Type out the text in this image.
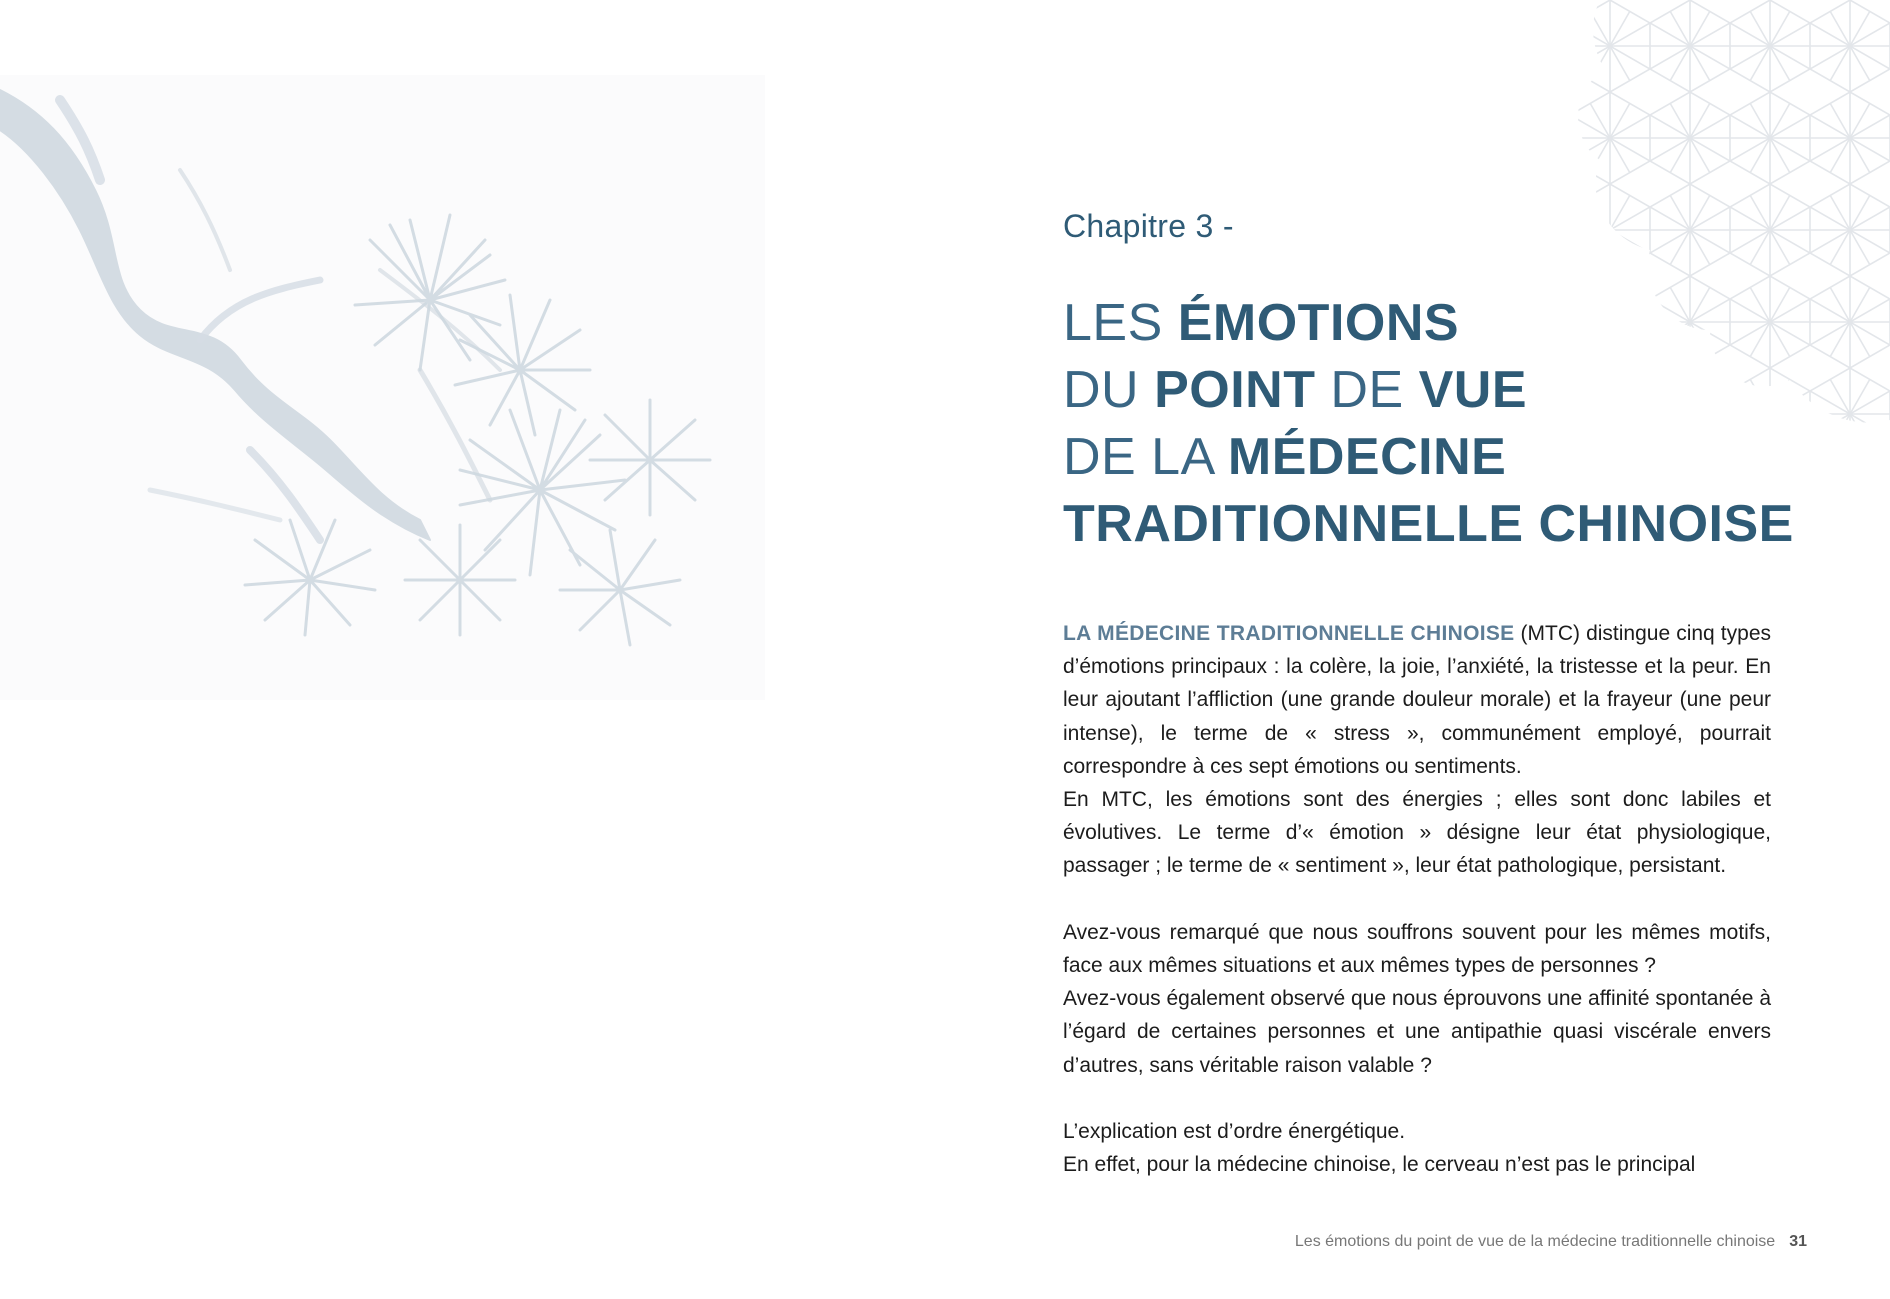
Chapitre 3 -
LES ÉMOTIONS
DU POINT DE VUE
DE LA MÉDECINE
TRADITIONNELLE CHINOISE

LA MÉDECINE TRADITIONNELLE CHINOISE (MTC) distingue cinq types d’émotions principaux : la colère, la joie, l’anxiété, la tristesse et la peur. En leur ajoutant l’affliction (une grande douleur morale) et la frayeur (une peur intense), le terme de « stress », communément employé, pourrait correspondre à ces sept émotions ou sentiments.

En MTC, les émotions sont des énergies ; elles sont donc labiles et évolutives. Le terme d’« émotion » désigne leur état physiologique, passager ; le terme de « sentiment », leur état pathologique, persistant.

Avez-vous remarqué que nous souffrons souvent pour les mêmes motifs, face aux mêmes situations et aux mêmes types de personnes ?

Avez-vous également observé que nous éprouvons une affinité spontanée à l’égard de certaines personnes et une antipathie quasi viscérale envers d’autres, sans véritable raison valable ?

L’explication est d’ordre énergétique.

En effet, pour la médecine chinoise, le cerveau n’est pas le principal

Les émotions du point de vue de la médecine traditionnelle chinoise 31
